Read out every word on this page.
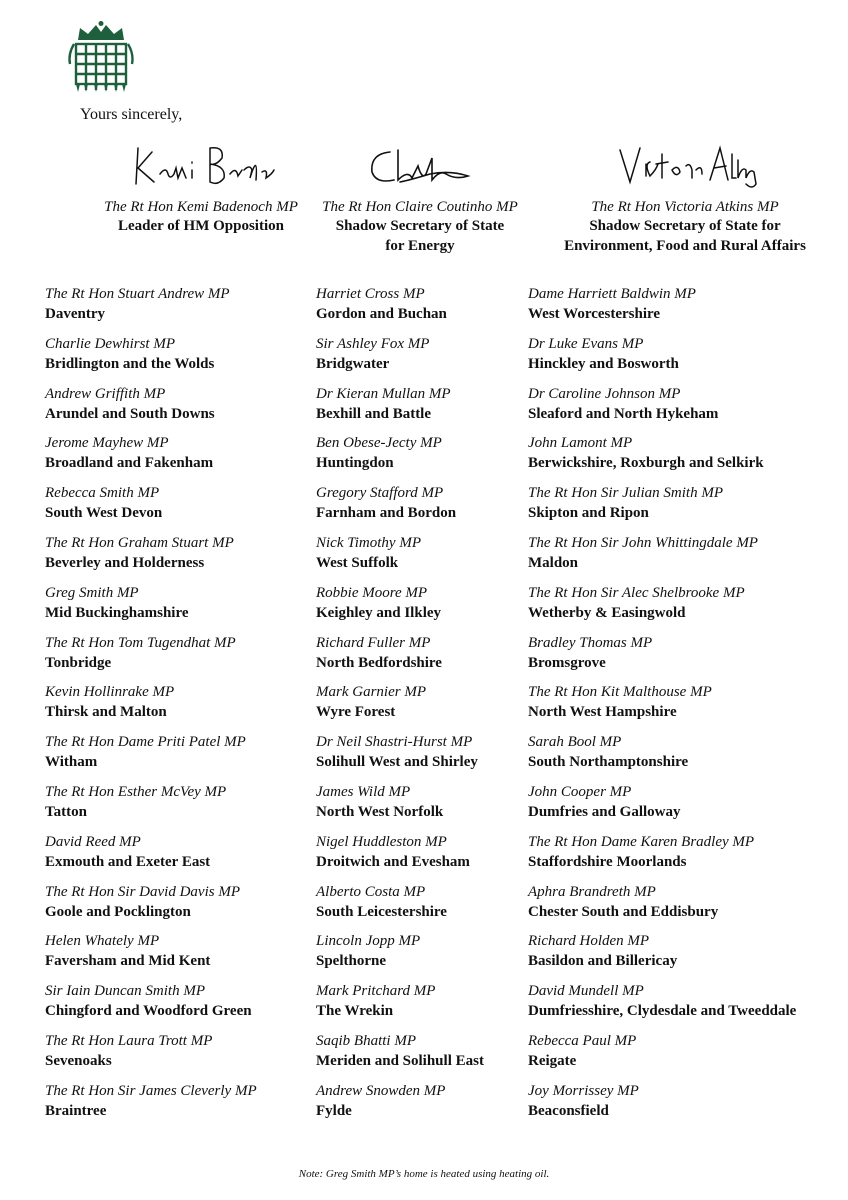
Yours sincerely,
The Rt Hon Kemi Badenoch MP
Leader of HM Opposition
The Rt Hon Claire Coutinho MP
Shadow Secretary of State
for Energy
The Rt Hon Victoria Atkins MP
Shadow Secretary of State for
Environment, Food and Rural Affairs
The Rt Hon Stuart Andrew MP
Daventry
Charlie Dewhirst MP
Bridlington and the Wolds
Andrew Griffith MP
Arundel and South Downs
Jerome Mayhew MP
Broadland and Fakenham
Rebecca Smith MP
South West Devon
The Rt Hon Graham Stuart MP
Beverley and Holderness
Greg Smith MP
Mid Buckinghamshire
The Rt Hon Tom Tugendhat MP
Tonbridge
Kevin Hollinrake MP
Thirsk and Malton
The Rt Hon Dame Priti Patel MP
Witham
The Rt Hon Esther McVey MP
Tatton
David Reed MP
Exmouth and Exeter East
The Rt Hon Sir David Davis MP
Goole and Pocklington
Helen Whately MP
Faversham and Mid Kent
Sir Iain Duncan Smith MP
Chingford and Woodford Green
The Rt Hon Laura Trott MP
Sevenoaks
The Rt Hon Sir James Cleverly MP
Braintree
Harriet Cross MP
Gordon and Buchan
Sir Ashley Fox MP
Bridgwater
Dr Kieran Mullan MP
Bexhill and Battle
Ben Obese-Jecty MP
Huntingdon
Gregory Stafford MP
Farnham and Bordon
Nick Timothy MP
West Suffolk
Robbie Moore MP
Keighley and Ilkley
Richard Fuller MP
North Bedfordshire
Mark Garnier MP
Wyre Forest
Dr Neil Shastri-Hurst MP
Solihull West and Shirley
James Wild MP
North West Norfolk
Nigel Huddleston MP
Droitwich and Evesham
Alberto Costa MP
South Leicestershire
Lincoln Jopp MP
Spelthorne
Mark Pritchard MP
The Wrekin
Saqib Bhatti MP
Meriden and Solihull East
Andrew Snowden MP
Fylde
Dame Harriett Baldwin MP
West Worcestershire
Dr Luke Evans MP
Hinckley and Bosworth
Dr Caroline Johnson MP
Sleaford and North Hykeham
John Lamont MP
Berwickshire, Roxburgh and Selkirk
The Rt Hon Sir Julian Smith MP
Skipton and Ripon
The Rt Hon Sir John Whittingdale MP
Maldon
The Rt Hon Sir Alec Shelbrooke MP
Wetherby & Easingwold
Bradley Thomas MP
Bromsgrove
The Rt Hon Kit Malthouse MP
North West Hampshire
Sarah Bool MP
South Northamptonshire
John Cooper MP
Dumfries and Galloway
The Rt Hon Dame Karen Bradley MP
Staffordshire Moorlands
Aphra Brandreth MP
Chester South and Eddisbury
Richard Holden MP
Basildon and Billericay
David Mundell MP
Dumfriesshire, Clydesdale and Tweeddale
Rebecca Paul MP
Reigate
Joy Morrissey MP
Beaconsfield
Note: Greg Smith MP’s home is heated using heating oil.
